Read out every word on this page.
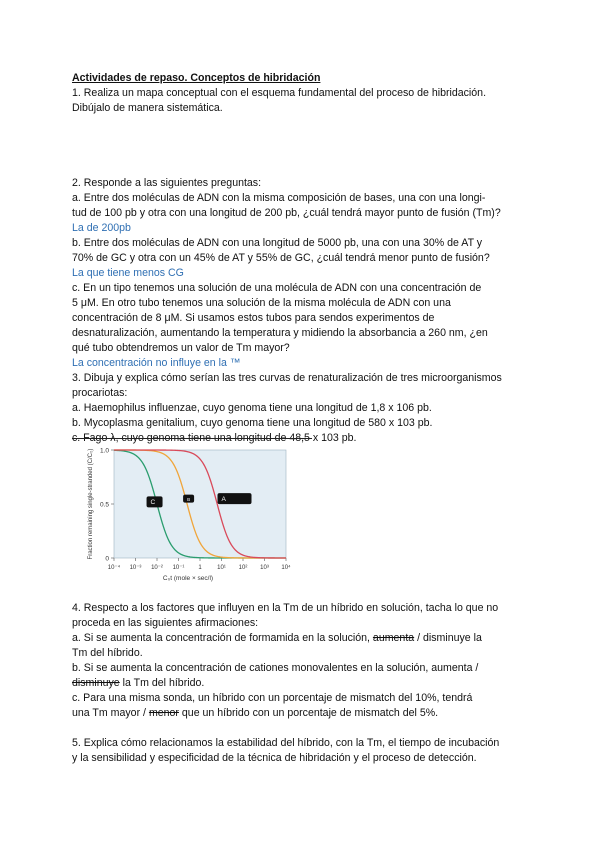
Actividades de repaso. Conceptos de hibridación
1. Realiza un mapa conceptual con el esquema fundamental del proceso de hibridación.
Dibújalo de manera sistemática.
2. Responde a las siguientes preguntas:
a. Entre dos moléculas de ADN con la misma composición de bases, una con una longi-
tud de 100 pb y otra con una longitud de 200 pb, ¿cuál tendrá mayor punto de fusión (Tm)?
La de 200pb
b. Entre dos moléculas de ADN con una longitud de 5000 pb, una con una 30% de AT y
70% de GC y otra con un 45% de AT y 55% de GC, ¿cuál tendrá menor punto de fusión?
La que tiene menos CG
c. En un tipo tenemos una solución de una molécula de ADN con una concentración de
5 μM. En otro tubo tenemos una solución de la misma molécula de ADN con una
concentración de 8 μM. Si usamos estos tubos para sendos experimentos de
desnaturalización, aumentando la temperatura y midiendo la absorbancia a 260 nm, ¿en
qué tubo obtendremos un valor de Tm mayor?
La concentración no influye en la ™
3. Dibuja y explica cómo serían las tres curvas de renaturalización de tres microorganismos
procariotas:
a. Haemophilus influenzae, cuyo genoma tiene una longitud de 1,8 x 106 pb.
b. Mycoplasma genitalium, cuyo genoma tiene una longitud de 580 x 103 pb.
c. Fago λ, cuyo genoma tiene una longitud de 48,5 x 103 pb.
0
0.5
1.0
10⁻⁴ 10⁻³ 10⁻² 10⁻¹ 1	10¹ 10² 10³ 10⁴
C₀t (mole × sec/l)
Fraction remaining single-stranded (C/C₀)	C	B	A
4. Respecto a los factores que influyen en la Tm de un híbrido en solución, tacha lo que no
proceda en las siguientes afirmaciones:
a. Si se aumenta la concentración de formamida en la solución, aumenta / disminuye la
Tm del híbrido.
b. Si se aumenta la concentración de cationes monovalentes en la solución, aumenta /
disminuye la Tm del híbrido.
c. Para una misma sonda, un híbrido con un porcentaje de mismatch del 10%, tendrá
una Tm mayor / menor que un híbrido con un porcentaje de mismatch del 5%.
5. Explica cómo relacionamos la estabilidad del híbrido, con la Tm, el tiempo de incubación
y la sensibilidad y especificidad de la técnica de hibridación y el proceso de detección.
